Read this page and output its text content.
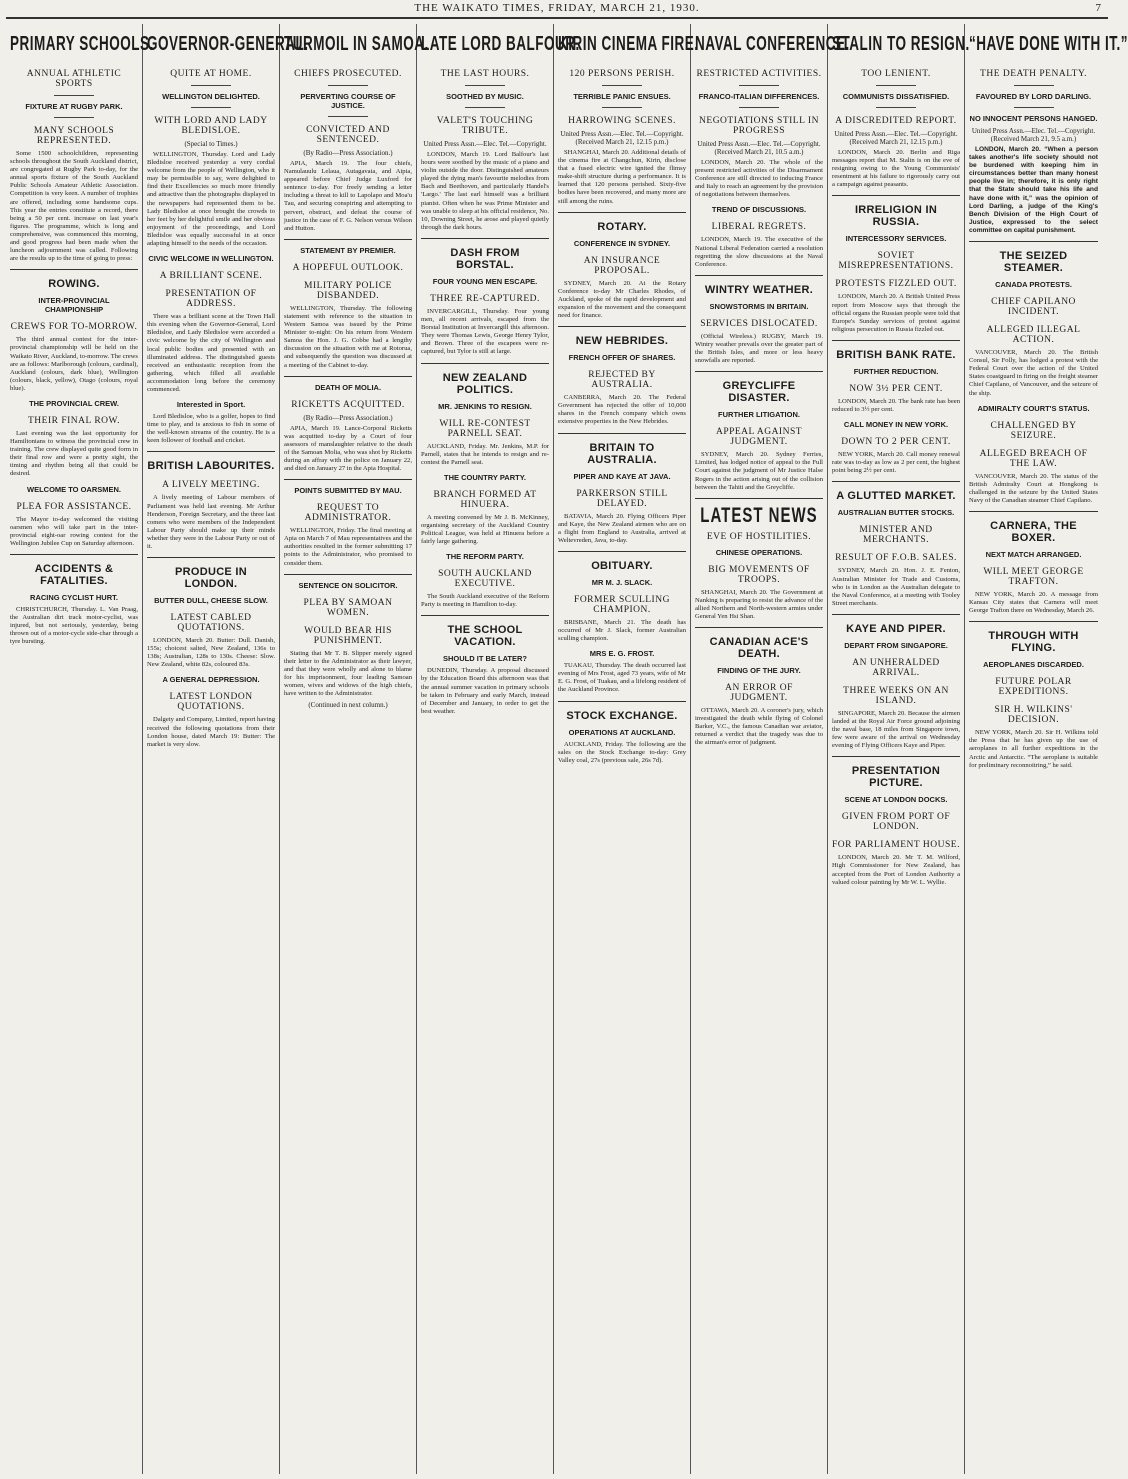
THE WAIKATO TIMES, FRIDAY, MARCH 21, 1930.	7
PRIMARY SCHOOLS.
ANNUAL ATHLETIC SPORTS
FIXTURE AT RUGBY PARK.
MANY SCHOOLS REPRESENTED.

Some 1500 schoolchildren, representing schools throughout the South Auckland district, are congregated at Rugby Park to-day, for the annual sports fixture of the South Auckland Public Schools Amateur Athletic Association. Competition is very keen. A number of trophies are offered, including some handsome cups. This year the entries constitute a record, there being a 50 per cent. increase on last year's figures. The programme, which is long and comprehensive, was commenced this morning, and good progress had been made when the luncheon adjournment was called. Following are the results up to the time of going to press:

ROWING.
INTER-PROVINCIAL CHAMPIONSHIP
CREWS FOR TO-MORROW.

The third annual contest for the inter-provincial championship will be held on the Waikato River, Auckland, to-morrow. The crews are as follows: Marlborough (colours, cardinal), Auckland (colours, dark blue), Wellington (colours, black, yellow), Otago (colours, royal blue).

THE PROVINCIAL CREW.
THEIR FINAL ROW.

Last evening was the last opportunity for Hamiltonians to witness the provincial crew in training. The crew displayed quite good form in their final row and were a pretty sight, the timing and rhythm being all that could be desired.

WELCOME TO OARSMEN.
PLEA FOR ASSISTANCE.

The Mayor to-day welcomed the visiting oarsmen who will take part in the inter-provincial eight-oar rowing contest for the Wellington Jubilee Cup on Saturday afternoon.

ACCIDENTS & FATALITIES.
RACING CYCLIST HURT.

CHRISTCHURCH, Thursday. L. Van Praag, the Australian dirt track motor-cyclist, was injured, but not seriously, yesterday, being thrown out of a motor-cycle side-char through a tyre bursting.

GOVERNOR-GENERAL.
QUITE AT HOME.
WELLINGTON DELIGHTED.
WITH LORD AND LADY BLEDISLOE.
(Special to Times.)

WELLINGTON, Thursday. Lord and Lady Bledisloe received yesterday a very cordial welcome from the people of Wellington, who it may be permissible to say, were delighted to find their Excellencies so much more friendly and attractive than the photographs displayed in the newspapers had represented them to be. Lady Bledisloe at once brought the crowds to her feet by her delightful smile and her obvious enjoyment of the proceedings, and Lord Bledisloe was equally successful in at once adapting himself to the needs of the occasion.

CIVIC WELCOME IN WELLINGTON.
A BRILLIANT SCENE.
PRESENTATION OF ADDRESS.

There was a brilliant scene at the Town Hall this evening when the Governor-General, Lord Bledisloe, and Lady Bledisloe were accorded a civic welcome by the city of Wellington and local public bodies and presented with an illuminated address. The distinguished guests received an enthusiastic reception from the gathering, which filled all available accommodation long before the ceremony commenced.

Interested in Sport.

Lord Bledisloe, who is a golfer, hopes to find time to play, and is anxious to fish in some of the well-known streams of the country. He is a keen follower of football and cricket.

BRITISH LABOURITES.
A LIVELY MEETING.

A lively meeting of Labour members of Parliament was held last evening. Mr Arthur Henderson, Foreign Secretary, and the three last comers who were members of the Independent Labour Party should make up their minds whether they were in the Labour Party or out of it.

PRODUCE IN LONDON.
BUTTER DULL, CHEESE SLOW.
LATEST CABLED QUOTATIONS.

LONDON, March 20. Butter: Dull. Danish, 155s; choicest salted, New Zealand, 136s to 138s; Australian, 128s to 130s. Cheese: Slow. New Zealand, white 82s, coloured 83s.

A GENERAL DEPRESSION.
LATEST LONDON QUOTATIONS.

Dalgety and Company, Limited, report having received the following quotations from their London house, dated March 19: Butter: The market is very slow.

TURMOIL IN SAMOA.
CHIEFS PROSECUTED.
PERVERTING COURSE OF JUSTICE.
CONVICTED AND SENTENCED.
(By Radio—Press Association.)

APIA, March 19. The four chiefs, Namulauulu Lelaua, Autagavaia, and Aipia, appeared before Chief Judge Luxford for sentence to-day. For freely sending a letter including a threat to kill to Lapolapo and Moa'u Tau, and securing conspiring and attempting to pervert, obstruct, and defeat the course of justice in the case of F. G. Nelson versus Wilson and Hutton.

STATEMENT BY PREMIER.
A HOPEFUL OUTLOOK.
MILITARY POLICE DISBANDED.

WELLINGTON, Thursday. The following statement with reference to the situation in Western Samoa was issued by the Prime Minister to-night: On his return from Western Samoa the Hon. J. G. Cobbe had a lengthy discussion on the situation with me at Rotorua, and subsequently the question was discussed at a meeting of the Cabinet to-day.

DEATH OF MOLIA.
RICKETTS ACQUITTED.
(By Radio—Press Association.)

APIA, March 19. Lance-Corporal Ricketts was acquitted to-day by a Court of four assessors of manslaughter relative to the death of the Samoan Molia, who was shot by Ricketts during an affray with the police on January 22, and died on January 27 in the Apia Hospital.

POINTS SUBMITTED BY MAU.
REQUEST TO ADMINISTRATOR.

WELLINGTON, Friday. The final meeting at Apia on March 7 of Mau representatives and the authorities resulted in the former submitting 17 points to the Administrator, who promised to consider them.

SENTENCE ON SOLICITOR.
PLEA BY SAMOAN WOMEN.
WOULD BEAR HIS PUNISHMENT.

Stating that Mr T. B. Slipper merely signed their letter to the Administrator as their lawyer, and that they were wholly and alone to blame for his imprisonment, four leading Samoan women, wives and widows of the high chiefs, have written to the Administrator.

(Continued in next column.)
LATE LORD BALFOUR.
THE LAST HOURS.
SOOTHED BY MUSIC.
VALET'S TOUCHING TRIBUTE.
United Press Assn.—Elec. Tel.—Copyright.

LONDON, March 19. Lord Balfour's last hours were soothed by the music of a piano and violin outside the door. Distinguished amateurs played the dying man's favourite melodies from Bach and Beethoven, and particularly Handel's 'Largo.' The last earl himself was a brilliant pianist. Often when he was Prime Minister and was unable to sleep at his official residence, No. 10, Downing Street, he arose and played quietly through the dark hours.

DASH FROM BORSTAL.
FOUR YOUNG MEN ESCAPE.
THREE RE-CAPTURED.

INVERCARGILL, Thursday. Four young men, all recent arrivals, escaped from the Borstal Institution at Invercargill this afternoon. They were Thomas Lewis, George Henry Tylor, and Brown. Three of the escapees were re-captured, but Tylor is still at large.

NEW ZEALAND POLITICS.
MR. JENKINS TO RESIGN.
WILL RE-CONTEST PARNELL SEAT.

AUCKLAND, Friday. Mr. Jenkins, M.P. for Parnell, states that he intends to resign and re-contest the Parnell seat.

THE COUNTRY PARTY.
BRANCH FORMED AT HINUERA.

A meeting convened by Mr J. B. McKinney, organising secretary of the Auckland Country Political League, was held at Hinuera before a fairly large gathering.

THE REFORM PARTY.
SOUTH AUCKLAND EXECUTIVE.

The South Auckland executive of the Reform Party is meeting in Hamilton to-day.

THE SCHOOL VACATION.
SHOULD IT BE LATER?

DUNEDIN, Thursday. A proposal discussed by the Education Board this afternoon was that the annual summer vacation in primary schools be taken in February and early March, instead of December and January, in order to get the best weather.

KIRIN CINEMA FIRE.
120 PERSONS PERISH.
TERRIBLE PANIC ENSUES.
HARROWING SCENES.
United Press Assn.—Elec. Tel.—Copyright. (Received March 21, 12.15 p.m.)

SHANGHAI, March 20. Additional details of the cinema fire at Changchun, Kirin, disclose that a fused electric wire ignited the flimsy make-shift structure during a performance. It is learned that 120 persons perished. Sixty-five bodies have been recovered, and many more are still among the ruins.

ROTARY.
CONFERENCE IN SYDNEY.
AN INSURANCE PROPOSAL.

SYDNEY, March 20. At the Rotary Conference to-day Mr Charles Rhodes, of Auckland, spoke of the rapid development and expansion of the movement and the consequent need for finance.

NEW HEBRIDES.
FRENCH OFFER OF SHARES.
REJECTED BY AUSTRALIA.

CANBERRA, March 20. The Federal Government has rejected the offer of 10,000 shares in the French company which owns extensive properties in the New Hebrides.

BRITAIN TO AUSTRALIA.
PIPER AND KAYE AT JAVA.
PARKERSON STILL DELAYED.

BATAVIA, March 20. Flying Officers Piper and Kaye, the New Zealand airmen who are on a flight from England to Australia, arrived at Weltevreden, Java, to-day.

OBITUARY.
MR M. J. SLACK.
FORMER SCULLING CHAMPION.

BRISBANE, March 21. The death has occurred of Mr J. Slack, former Australian sculling champion.

MRS E. G. FROST.

TUAKAU, Thursday. The death occurred last evening of Mrs Frost, aged 73 years, wife of Mr E. G. Frost, of Tuakau, and a lifelong resident of the Auckland Province.

STOCK EXCHANGE.
OPERATIONS AT AUCKLAND.

AUCKLAND, Friday. The following are the sales on the Stock Exchange to-day: Grey Valley coal, 27s (previous sale, 26s 7d).

NAVAL CONFERENCE.
RESTRICTED ACTIVITIES.
FRANCO-ITALIAN DIFFERENCES.
NEGOTIATIONS STILL IN PROGRESS
United Press Assn.—Elec. Tel.—Copyright. (Received March 21, 10.5 a.m.)

LONDON, March 20. The whole of the present restricted activities of the Disarmament Conference are still directed to inducing France and Italy to reach an agreement by the provision of negotiations between themselves.

TREND OF DISCUSSIONS.
LIBERAL REGRETS.

LONDON, March 19. The executive of the National Liberal Federation carried a resolution regretting the slow discussions at the Naval Conference.

WINTRY WEATHER.
SNOWSTORMS IN BRITAIN.
SERVICES DISLOCATED.

(Official Wireless.) RUGBY, March 19. Wintry weather prevails over the greater part of the British Isles, and more or less heavy snowfalls are reported.

GREYCLIFFE DISASTER.
FURTHER LITIGATION.
APPEAL AGAINST JUDGMENT.

SYDNEY, March 20. Sydney Ferries, Limited, has lodged notice of appeal to the Full Court against the judgment of Mr Justice Halse Rogers in the action arising out of the collision between the Tahiti and the Greycliffe.

LATEST NEWS
EVE OF HOSTILITIES.
CHINESE OPERATIONS.
BIG MOVEMENTS OF TROOPS.

SHANGHAI, March 20. The Government at Nanking is preparing to resist the advance of the allied Northern and North-western armies under General Yen Hsi Shan.

CANADIAN ACE'S DEATH.
FINDING OF THE JURY.
AN ERROR OF JUDGMENT.

OTTAWA, March 20. A coroner's jury, which investigated the death while flying of Colonel Barker, V.C., the famous Canadian war aviator, returned a verdict that the tragedy was due to the airman's error of judgment.

STALIN TO RESIGN.
TOO LENIENT.
COMMUNISTS DISSATISFIED.
A DISCREDITED REPORT.
United Press Assn.—Elec. Tel.—Copyright. (Received March 21, 12.15 p.m.)

LONDON, March 20. Berlin and Riga messages report that M. Stalin is on the eve of resigning owing to the Young Communists' resentment at his failure to rigorously carry out a campaign against peasants.

IRRELIGION IN RUSSIA.
INTERCESSORY SERVICES.
SOVIET MISREPRESENTATIONS.
PROTESTS FIZZLED OUT.

LONDON, March 20. A British United Press report from Moscow says that through the official organs the Russian people were told that Europe's Sunday services of protest against religious persecution in Russia fizzled out.

BRITISH BANK RATE.
FURTHER REDUCTION.
NOW 3½ PER CENT.

LONDON, March 20. The bank rate has been reduced to 3½ per cent.

CALL MONEY IN NEW YORK.
DOWN TO 2 PER CENT.

NEW YORK, March 20. Call money renewal rate was to-day as low as 2 per cent, the highest point being 2½ per cent.

A GLUTTED MARKET.
AUSTRALIAN BUTTER STOCKS.
MINISTER AND MERCHANTS.
RESULT OF F.O.B. SALES.

SYDNEY, March 20. Hon. J. E. Fenton, Australian Minister for Trade and Customs, who is in London as the Australian delegate to the Naval Conference, at a meeting with Tooley Street merchants.

KAYE AND PIPER.
DEPART FROM SINGAPORE.
AN UNHERALDED ARRIVAL.
THREE WEEKS ON AN ISLAND.

SINGAPORE, March 20. Because the airmen landed at the Royal Air Force ground adjoining the naval base, 18 miles from Singapore town, few were aware of the arrival on Wednesday evening of Flying Officers Kaye and Piper.

PRESENTATION PICTURE.
SCENE AT LONDON DOCKS.
GIVEN FROM PORT OF LONDON.
FOR PARLIAMENT HOUSE.

LONDON, March 20. Mr T. M. Wilford, High Commissioner for New Zealand, has accepted from the Port of London Authority a valued colour painting by Mr W. L. Wyllie.

“HAVE DONE WITH IT.”
THE DEATH PENALTY.
FAVOURED BY LORD DARLING.
NO INNOCENT PERSONS HANGED.
United Press Assn.—Elec. Tel.—Copyright. (Received March 21, 9.5 a.m.)

LONDON, March 20. “When a person takes another's life society should not be burdened with keeping him in circumstances better than many honest people live in; therefore, it is only right that the State should take his life and have done with it,” was the opinion of Lord Darling, a judge of the King's Bench Division of the High Court of Justice, expressed to the select committee on capital punishment.

THE SEIZED STEAMER.
CANADA PROTESTS.
CHIEF CAPILANO INCIDENT.
ALLEGED ILLEGAL ACTION.

VANCOUVER, March 20. The British Consul, Sir Folly, has lodged a protest with the Federal Court over the action of the United States coastguard in firing on the freight steamer Chief Capilano, of Vancouver, and the seizure of the ship.

ADMIRALTY COURT'S STATUS.
CHALLENGED BY SEIZURE.
ALLEGED BREACH OF THE LAW.

VANCOUVER, March 20. The status of the British Admiralty Court at Hongkong is challenged in the seizure by the United States Navy of the Canadian steamer Chief Capilano.

CARNERA, THE BOXER.
NEXT MATCH ARRANGED.
WILL MEET GEORGE TRAFTON.

NEW YORK, March 20. A message from Kansas City states that Carnera will meet George Trafton there on Wednesday, March 26.

THROUGH WITH FLYING.
AEROPLANES DISCARDED.
FUTURE POLAR EXPEDITIONS.
SIR H. WILKINS' DECISION.

NEW YORK, March 20. Sir H. Wilkins told the Press that he has given up the use of aeroplanes in all further expeditions in the Arctic and Antarctic. “The aeroplane is suitable for preliminary reconnoitring,” he said.
